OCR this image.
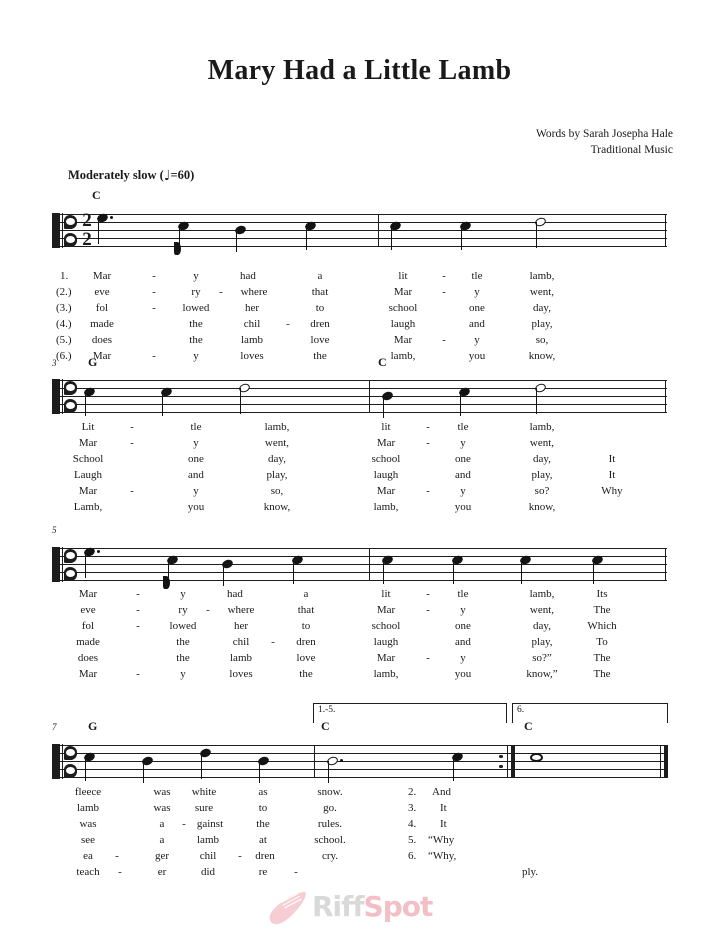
Mary Had a Little Lamb
Words by Sarah Josepha Hale
Traditional Music
Moderately slow (♩=60)
C
2
2
1. Mar	-	y	had	a	lit	- tle	lamb,
(2.) eve	-	ry - where	that	Mar	-	y	went,
(3.) fol	- lowed	her	to	school	one	day,
(4.) made	the	chil - dren	laugh	and	play,
(5.) does	the	lamb	love	Mar	-	y	so,
(6.) Mar	-	y	loves	the	lamb,	you	know,
3	G	C
Lit	-	tle	lamb,	lit	-	tle	lamb,
Mar	-	y	went,	Mar	-	y	went,
School	one	day,	school	one	day,	It
Laugh	and	play,	laugh	and	play,	It
Mar	-	y	so,	Mar	-	y	so?	Why
Lamb,	you	know,	lamb,	you	know,
5
Mar	-	y	had	a	lit	-	tle	lamb,	Its
eve	-	ry - where	that	Mar	-	y	went,	The
fol	-	lowed	her	to	school	one	day,	Which
made	the	chil - dren	laugh	and	play,	To
does	the	lamb	love	Mar	-	y	so?”	The
Mar	-	y	loves	the	lamb,	you	know,”	The
7	G	C	C
1.-5.	6.
fleece	was white	as	snow.	2. And
lamb	was sure	to	go.	3. It
was	a - gainst	the	rules.	4. It
see	a	lamb	at	school.	5. “Why
ea -	ger	chil - dren	cry.	6. “Why,
teach -	er	did	re -	ply.
RiffSpot
